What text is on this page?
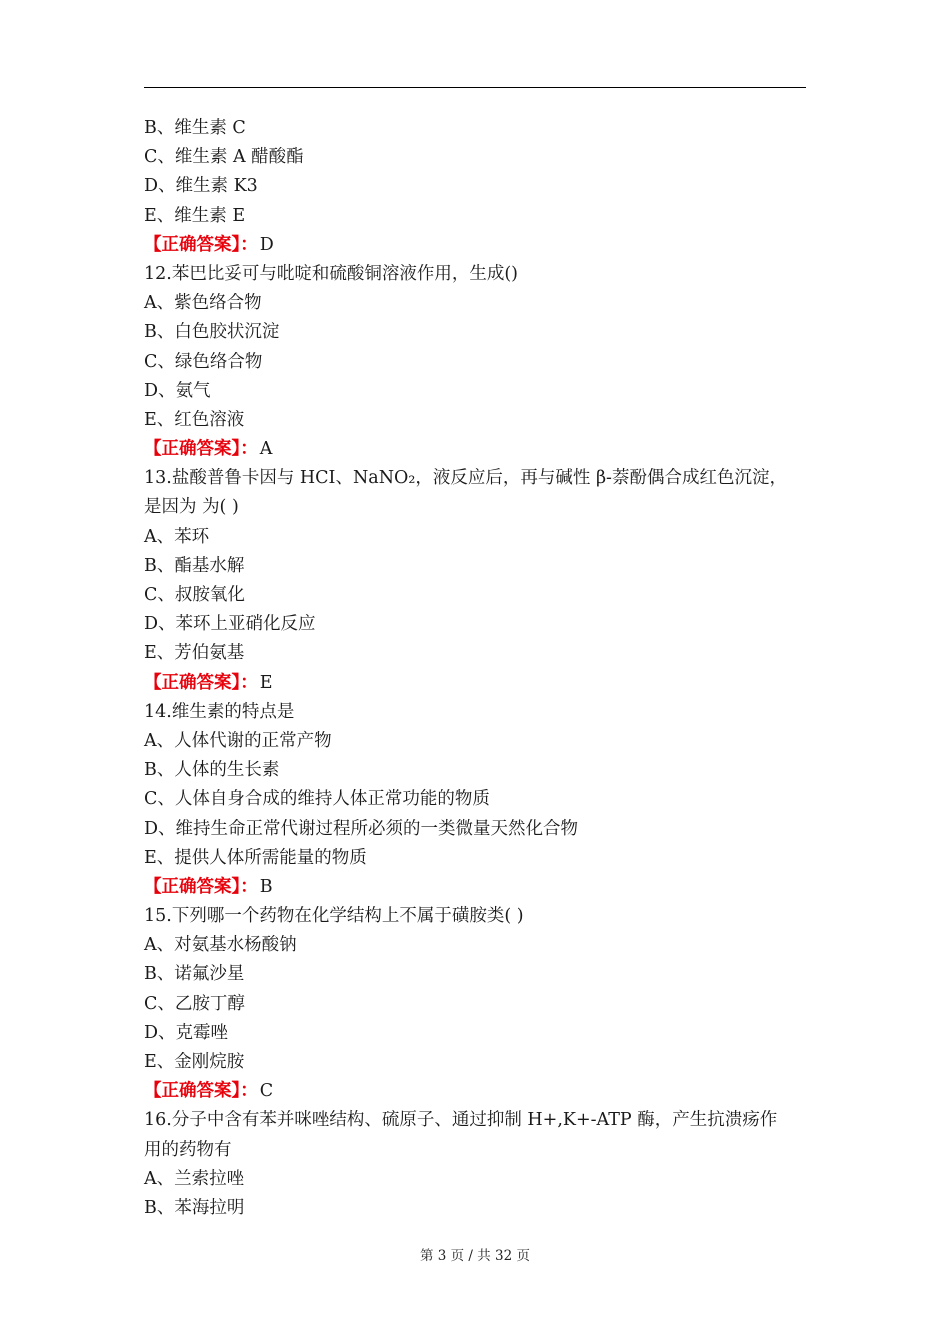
B、维生素 C
C、维生素 A 醋酸酯
D、维生素 K3
E、维生素 E
【正确答案】： D
12.苯巴比妥可与吡啶和硫酸铜溶液作用，生成()
A、紫色络合物
B、白色胶状沉淀
C、绿色络合物
D、氨气
E、红色溶液
【正确答案】： A
13.盐酸普鲁卡因与 HCI、NaNO₂，液反应后，再与碱性 β-萘酚偶合成红色沉淀，
是因为 为( )
A、苯环
B、酯基水解
C、叔胺氧化
D、苯环上亚硝化反应
E、芳伯氨基
【正确答案】： E
14.维生素的特点是
A、人体代谢的正常产物
B、人体的生长素
C、人体自身合成的维持人体正常功能的物质
D、维持生命正常代谢过程所必须的一类微量天然化合物
E、提供人体所需能量的物质
【正确答案】： B
15.下列哪一个药物在化学结构上不属于磺胺类( )
A、对氨基水杨酸钠
B、诺氟沙星
C、乙胺丁醇
D、克霉唑
E、金刚烷胺
【正确答案】： C
16.分子中含有苯并咪唑结构、硫原子、通过抑制 H+,K+-ATP 酶，产生抗溃疡作
用的药物有
A、兰索拉唑
B、苯海拉明
第 3 页 / 共 32 页
